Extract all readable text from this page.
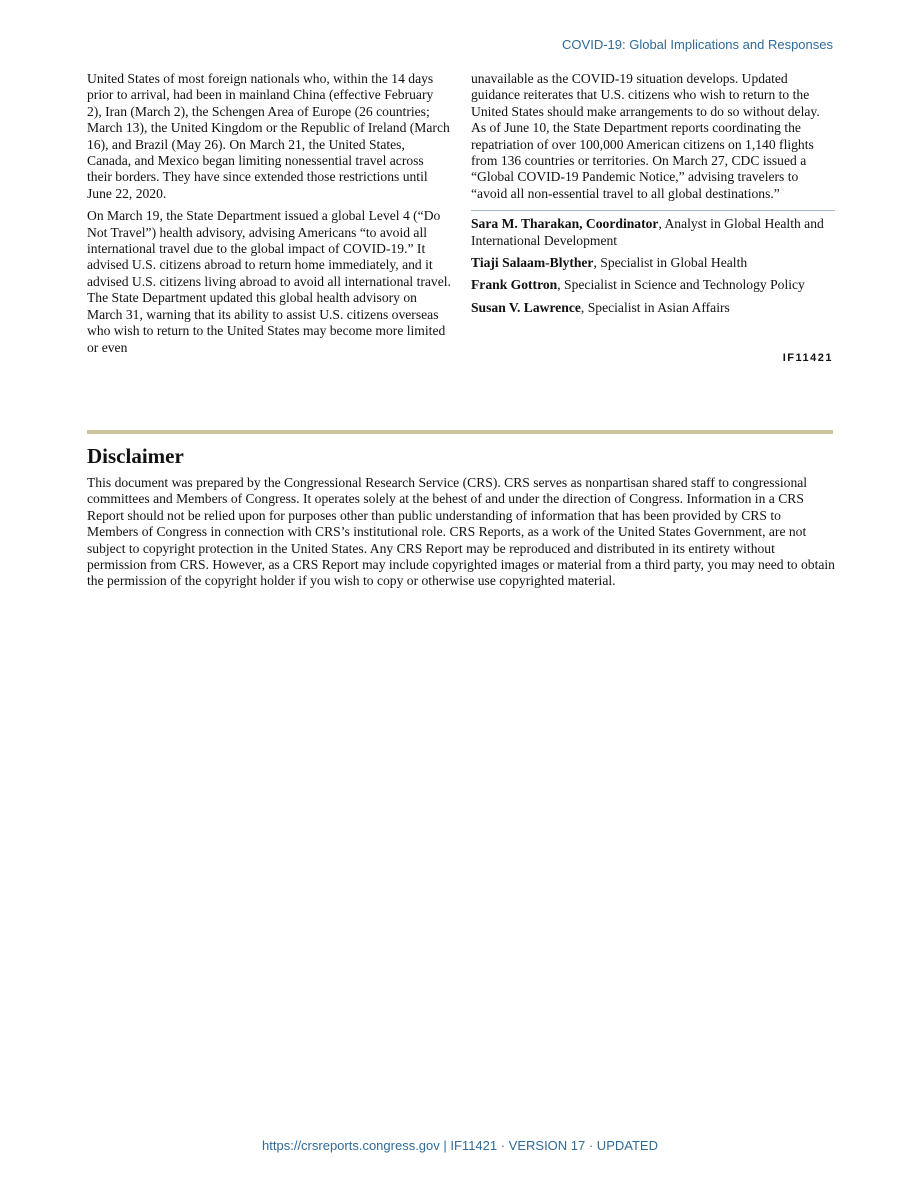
COVID-19: Global Implications and Responses

United States of most foreign nationals who, within the 14 days prior to arrival, had been in mainland China (effective February 2), Iran (March 2), the Schengen Area of Europe (26 countries; March 13), the United Kingdom or the Republic of Ireland (March 16), and Brazil (May 26). On March 21, the United States, Canada, and Mexico began limiting nonessential travel across their borders. They have since extended those restrictions until June 22, 2020.

On March 19, the State Department issued a global Level 4 (“Do Not Travel”) health advisory, advising Americans “to avoid all international travel due to the global impact of COVID-19.” It advised U.S. citizens abroad to return home immediately, and it advised U.S. citizens living abroad to avoid all international travel. The State Department updated this global health advisory on March 31, warning that its ability to assist U.S. citizens overseas who wish to return to the United States may become more limited or even

unavailable as the COVID-19 situation develops. Updated guidance reiterates that U.S. citizens who wish to return to the United States should make arrangements to do so without delay. As of June 10, the State Department reports coordinating the repatriation of over 100,000 American citizens on 1,140 flights from 136 countries or territories. On March 27, CDC issued a “Global COVID-19 Pandemic Notice,” advising travelers to “avoid all non-essential travel to all global destinations.”

Sara M. Tharakan, Coordinator, Analyst in Global Health and International Development

Tiaji Salaam-Blyther, Specialist in Global Health

Frank Gottron, Specialist in Science and Technology Policy

Susan V. Lawrence, Specialist in Asian Affairs

IF11421
Disclaimer

This document was prepared by the Congressional Research Service (CRS). CRS serves as nonpartisan shared staff to congressional committees and Members of Congress. It operates solely at the behest of and under the direction of Congress. Information in a CRS Report should not be relied upon for purposes other than public understanding of information that has been provided by CRS to Members of Congress in connection with CRS’s institutional role. CRS Reports, as a work of the United States Government, are not subject to copyright protection in the United States. Any CRS Report may be reproduced and distributed in its entirety without permission from CRS. However, as a CRS Report may include copyrighted images or material from a third party, you may need to obtain the permission of the copyright holder if you wish to copy or otherwise use copyrighted material.

https://crsreports.congress.gov | IF11421 · VERSION 17 · UPDATED
